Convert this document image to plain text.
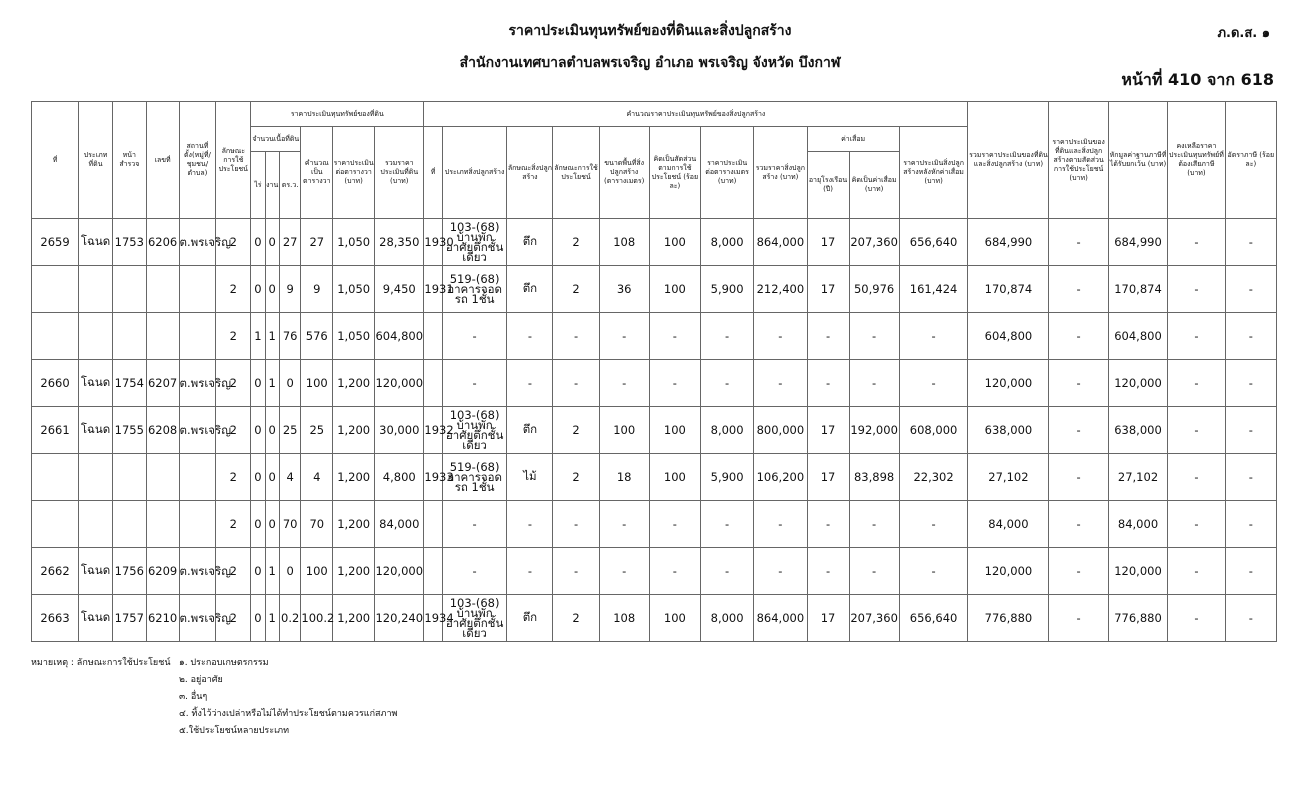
ราคาประเมินทุนทรัพย์ของที่ดินและสิ่งปลูกสร้าง
สำนักงานเทศบาลตำบลพรเจริญ อำเภอ พรเจริญ จังหวัด บึงกาฬ
ภ.ด.ส. ๑
หน้าที่ 410 จาก 618
ที่	ประเภทที่ดิน	หน้าสำรวจ	เลขที่	สถานที่ตั้ง(หมู่ที่/ชุมชน/ตำบล)	ลักษณะการใช้ประโยชน์	ราคาประเมินทุนทรัพย์ของที่ดิน						คำนวณราคาประเมินทุนทรัพย์ของสิ่งปลูกสร้าง											รวมราคาประเมินของที่ดินและสิ่งปลูกสร้าง (บาท)	ราคาประเมินของที่ดินและสิ่งปลูกสร้างตามสัดส่วนการใช้ประโยชน์ (บาท)	หักมูลค่าฐานภาษีที่ได้รับยกเว้น (บาท)	คงเหลือราคาประเมินทุนทรัพย์ที่ต้องเสียภาษี (บาท)	อัตราภาษี (ร้อยละ)
						จำนวนเนื้อที่ดิน			คำนวณเป็นตารางวา	ราคาประเมินต่อตารางวา (บาท)	รวมราคาประเมินที่ดิน (บาท)	ที่	ประเภทสิ่งปลูกสร้าง	ลักษณะสิ่งปลูกสร้าง	ลักษณะการใช้ประโยชน์	ขนาดพื้นที่สิ่งปลูกสร้าง (ตารางเมตร)	คิดเป็นสัดส่วนตามการใช้ประโยชน์ (ร้อยละ)	ราคาประเมินต่อตารางเมตร (บาท)	รวมราคาสิ่งปลูกสร้าง (บาท)	ค่าเสื่อม		ราคาประเมินสิ่งปลูกสร้างหลังหักค่าเสื่อม (บาท)					
						ไร่	งาน	ตร.ว.												อายุโรงเรือน (ปี)	คิดเป็นค่าเสื่อม (บาท)						
2659	โฉนด	1753	6206	ต.พรเจริญ	2	0	0	27	27	1,050	28,350	1930	103-(68) บ้านพักอาศัยตึกชั้นเดียว	ตึก	2	108	100	8,000	864,000	17	207,360	656,640	684,990	-	684,990	-	-
					2	0	0	9	9	1,050	9,450	1931	519-(68) อาคารจอดรถ 1ชั้น	ตึก	2	36	100	5,900	212,400	17	50,976	161,424	170,874	-	170,874	-	-
					2	1	1	76	576	1,050	604,800		-	-	-	-	-	-	-	-	-	-	604,800	-	604,800	-	-
2660	โฉนด	1754	6207	ต.พรเจริญ	2	0	1	0	100	1,200	120,000		-	-	-	-	-	-	-	-	-	-	120,000	-	120,000	-	-
2661	โฉนด	1755	6208	ต.พรเจริญ	2	0	0	25	25	1,200	30,000	1932	103-(68) บ้านพักอาศัยตึกชั้นเดียว	ตึก	2	100	100	8,000	800,000	17	192,000	608,000	638,000	-	638,000	-	-
					2	0	0	4	4	1,200	4,800	1933	519-(68) อาคารจอดรถ 1ชั้น	ไม้	2	18	100	5,900	106,200	17	83,898	22,302	27,102	-	27,102	-	-
					2	0	0	70	70	1,200	84,000		-	-	-	-	-	-	-	-	-	-	84,000	-	84,000	-	-
2662	โฉนด	1756	6209	ต.พรเจริญ	2	0	1	0	100	1,200	120,000		-	-	-	-	-	-	-	-	-	-	120,000	-	120,000	-	-
2663	โฉนด	1757	6210	ต.พรเจริญ	2	0	1	0.2	100.2	1,200	120,240	1934	103-(68) บ้านพักอาศัยตึกชั้นเดียว	ตึก	2	108	100	8,000	864,000	17	207,360	656,640	776,880	-	776,880	-	-
หมายเหตุ : ลักษณะการใช้ประโยชน์ ๑. ประกอบเกษตรกรรม
๒. อยู่อาศัย
๓. อื่นๆ
๔. ทิ้งไว้ว่างเปล่าหรือไม่ได้ทำประโยชน์ตามควรแก่สภาพ
๕.ใช้ประโยชน์หลายประเภท
